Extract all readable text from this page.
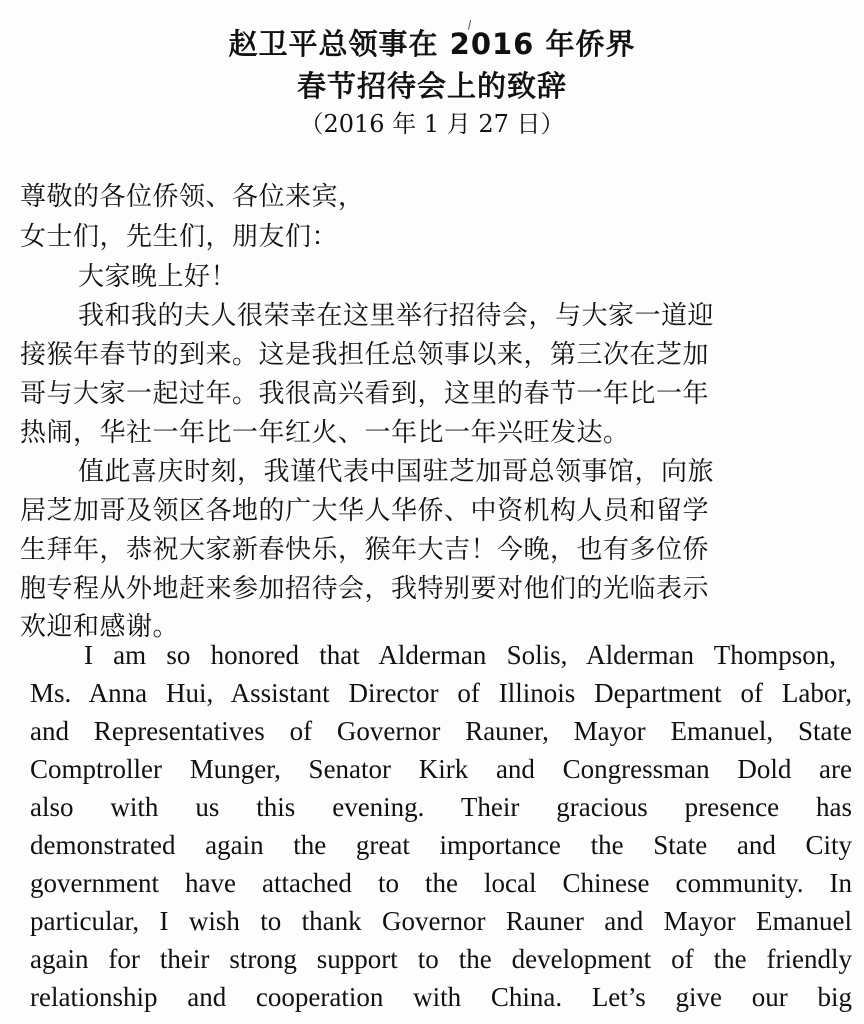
赵卫平总领事在 2016 年侨界
春节招待会上的致辞

（2016 年 1 月 27 日）

尊敬的各位侨领、各位来宾，

女士们，先生们，朋友们：

大家晚上好！

我和我的夫人很荣幸在这里举行招待会，与大家一道迎

接猴年春节的到来。这是我担任总领事以来，第三次在芝加

哥与大家一起过年。我很高兴看到，这里的春节一年比一年

热闹，华社一年比一年红火、一年比一年兴旺发达。

值此喜庆时刻，我谨代表中国驻芝加哥总领事馆，向旅

居芝加哥及领区各地的广大华人华侨、中资机构人员和留学

生拜年，恭祝大家新春快乐，猴年大吉！今晚，也有多位侨

胞专程从外地赶来参加招待会，我特别要对他们的光临表示

欢迎和感谢。

I am so honored that Alderman Solis, Alderman Thompson,

Ms. Anna Hui, Assistant Director of Illinois Department of Labor,

and Representatives of Governor Rauner, Mayor Emanuel, State

Comptroller Munger, Senator Kirk and Congressman Dold are

also with us this evening. Their gracious presence has

demonstrated again the great importance the State and City

government have attached to the local Chinese community. In

particular, I wish to thank Governor Rauner and Mayor Emanuel

again for their strong support to the development of the friendly

relationship and cooperation with China. Let’s give our big
